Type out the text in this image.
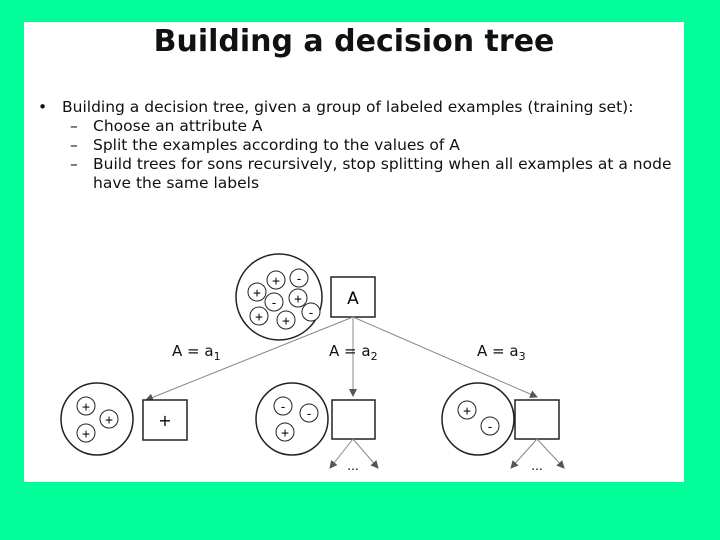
Building a decision tree
• Building a decision tree, given a group of labeled examples (training set):
– Choose an attribute A
– Split the examples according to the values of A
– Build trees for sons recursively, stop splitting when all examples at a node have the same labels
+ -
+
- +
+ +
-
A
$A = a_1$	$A = a_2$	$A = a_3$
+
+
+
+
- -
+
...
+
-
...
